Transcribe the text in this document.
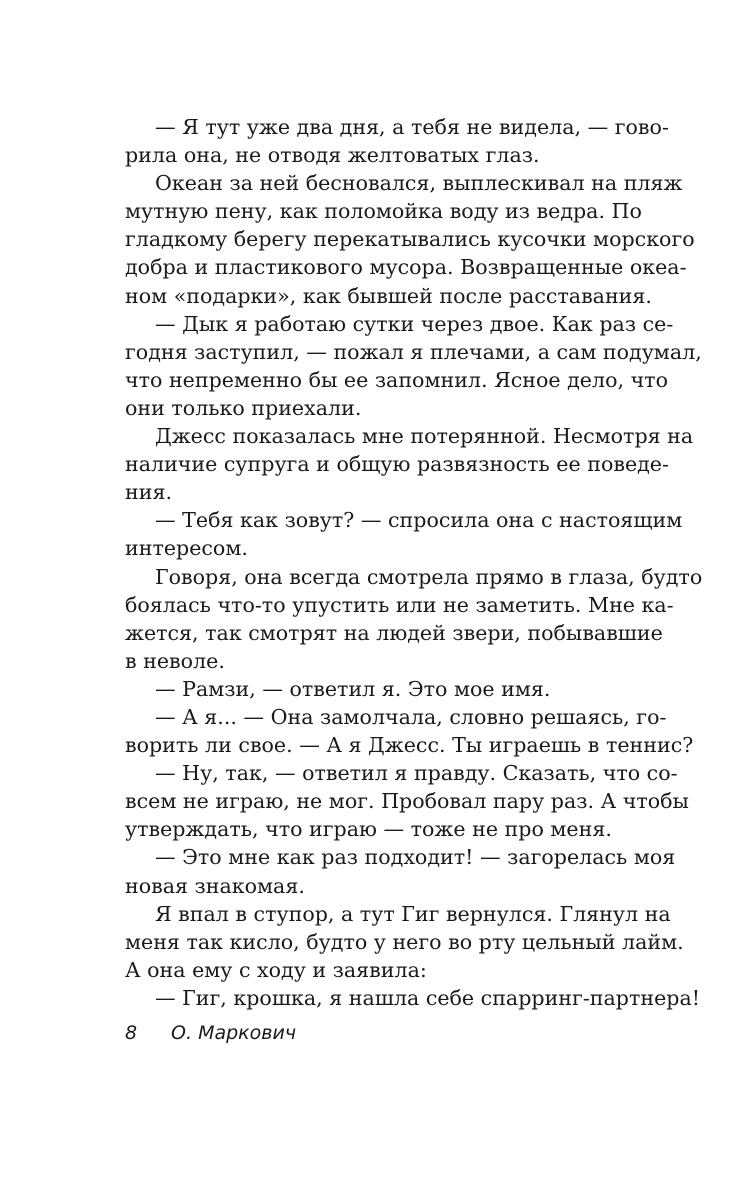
— Я тут уже два дня, а тебя не видела, — гово-
рила она, не отводя желтоватых глаз.
Океан за ней бесновался, выплескивал на пляж
мутную пену, как поломойка воду из ведра. По
гладкому берегу перекатывались кусочки морского
добра и пластикового мусора. Возвращенные океа-
ном «подарки», как бывшей после расставания.
— Дык я работаю сутки через двое. Как раз се-
годня заступил, — пожал я плечами, а сам подумал,
что непременно бы ее запомнил. Ясное дело, что
они только приехали.
Джесс показалась мне потерянной. Несмотря на
наличие супруга и общую развязность ее поведе-
ния.
— Тебя как зовут? — спросила она с настоящим
интересом.
Говоря, она всегда смотрела прямо в глаза, будто
боялась что-то упустить или не заметить. Мне ка-
жется, так смотрят на людей звери, побывавшие
в неволе.
— Рамзи, — ответил я. Это мое имя.
— А я... — Она замолчала, словно решаясь, го-
ворить ли свое. — А я Джесс. Ты играешь в теннис?
— Ну, так, — ответил я правду. Сказать, что со-
всем не играю, не мог. Пробовал пару раз. А чтобы
утверждать, что играю — тоже не про меня.
— Это мне как раз подходит! — загорелась моя
новая знакомая.
Я впал в ступор, а тут Гиг вернулся. Глянул на
меня так кисло, будто у него во рту цельный лайм.
А она ему с ходу и заявила:
— Гиг, крошка, я нашла себе спарринг-партнера!
8 О. Маркович
